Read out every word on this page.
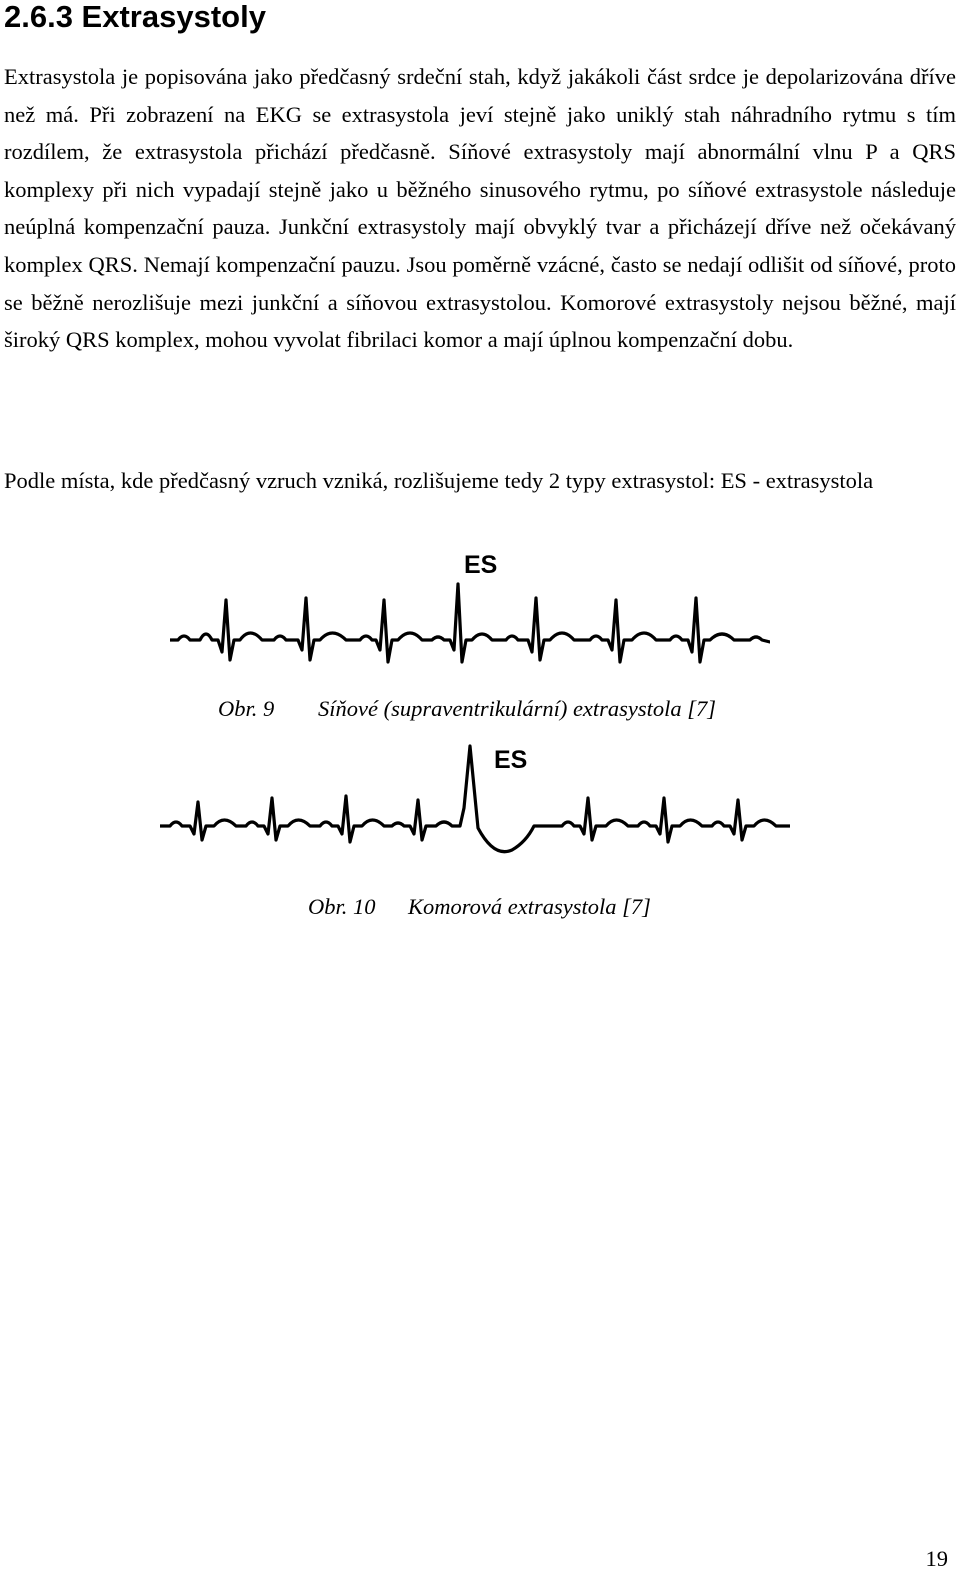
2.6.3 Extrasystoly

Extrasystola je popisována jako předčasný srdeční stah, když jakákoli část srdce je depolarizována dříve než má. Při zobrazení na EKG se extrasystola jeví stejně jako uniklý stah náhradního rytmu s tím rozdílem, že extrasystola přichází předčasně. Síňové extrasystoly mají abnormální vlnu P a QRS komplexy při nich vypadají stejně jako u běžného sinusového rytmu, po síňové extrasystole následuje neúplná kompenzační pauza. Junkční extrasystoly mají obvyklý tvar a přicházejí dříve než očekávaný komplex QRS. Nemají kompenzační pauzu. Jsou poměrně vzácné, často se nedají odlišit od síňové, proto se běžně nerozlišuje mezi junkční a síňovou extrasystolou. Komorové extrasystoly nejsou běžné, mají široký QRS komplex, mohou vyvolat fibrilaci komor a mají úplnou kompenzační dobu.

Podle místa, kde předčasný vzruch vzniká, rozlišujeme tedy 2 typy extrasystol: ES - extrasystola

ES

Obr. 9 Síňové (supraventrikulární) extrasystola [7]

ES

Obr. 10 Komorová extrasystola [7]

19
